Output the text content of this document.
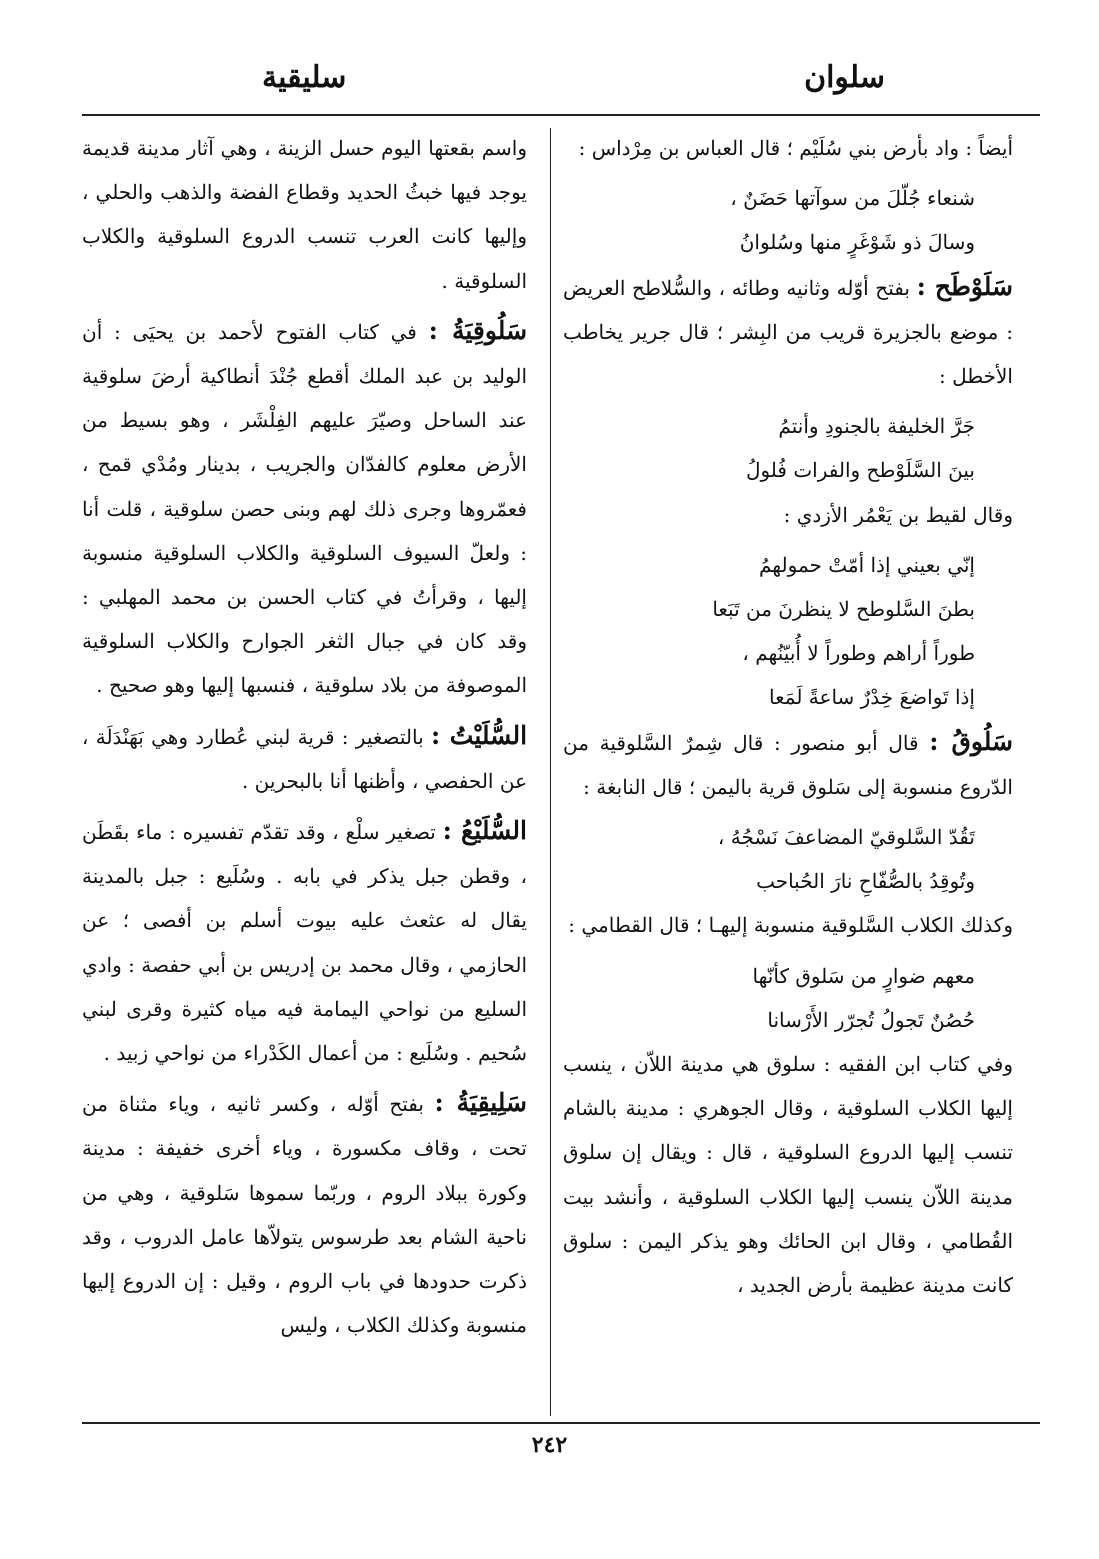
سلوان
سليقية

أيضاً : واد بأرض بني سُلَيْم ؛ قال العباس بن مِرْداس :

شنعاء جُلّلَ من سوآتها حَضَنٌ ،

وسالَ ذو شَوْغَرٍ منها وسُلوانُ

سَلَوْطَح : بفتح أوّله وثانيه وطائه ، والسُّلاطح العريض : موضع بالجزيرة قريب من البِشر ؛ قال جرير يخاطب الأخطل :

جَرَّ الخليفة بالجنودِ وأنتمُ

بينَ السَّلَوْطح والفرات فُلولُ

وقال لقيط بن يَعْمُر الأزدي :

إنّي بعيني إذا أمّتْ حمولهمُ

بطنَ السَّلوطح لا ينظرنَ من تَبَعا

طوراً أراهم وطوراً لا أُبيّنُهم ،

إذا تَواضعَ خِدْرٌ ساعةً لَمَعا

سَلُوقُ : قال أبو منصور : قال شِمرٌ السَّلوقية من الدّروع منسوبة إلى سَلوق قرية باليمن ؛ قال النابغة :

تَقُدّ السَّلوقيّ المضاعفَ نَسْجُهُ ،

وتُوقِدُ بالصُّفّاحِ نارَ الحُباحب

وكذلك الكلاب السَّلوقية منسوبة إليهـا ؛ قال القطامي :

معهم ضوارٍ من سَلوق كأنّها

حُصُنٌ تَجولُ تُجرّر الأَرْسانا

وفي كتاب ابن الفقيه : سلوق هي مدينة اللاّن ، ينسب إليها الكلاب السلوقية ، وقال الجوهري : مدينة بالشام تنسب إليها الدروع السلوقية ، قال : ويقال إن سلوق مدينة اللاّن ينسب إليها الكلاب السلوقية ، وأنشد بيت القُطامي ، وقال ابن الحائك وهو يذكر اليمن : سلوق كانت مدينة عظيمة بأرض الجديد ،

واسم بقعتها اليوم حسل الزينة ، وهي آثار مدينة قديمة يوجد فيها خبثُ الحديد وقطاع الفضة والذهب والحلي ، وإليها كانت العرب تنسب الدروع السلوقية والكلاب السلوقية .

سَلُوقِيَةُ : في كتاب الفتوح لأحمد بن يحيَى : أن الوليد بن عبد الملك أقطع جُنْدَ أنطاكية أرضَ سلوقية عند الساحل وصيّرَ عليهم الفِلْشَر ، وهو بسيط من الأرض معلوم كالفدّان والجريب ، بدينار ومُدْي قمح ، فعمّروها وجرى ذلك لهم وبنى حصن سلوقية ، قلت أنا : ولعلّ السيوف السلوقية والكلاب السلوقية منسوبة إليها ، وقرأتُ في كتاب الحسن بن محمد المهلبي : وقد كان في جبال الثغر الجوارح والكلاب السلوقية الموصوفة من بلاد سلوقية ، فنسبها إليها وهو صحيح .

السُّلَيْتُ : بالتصغير : قرية لبني عُطارد وهي بَهَنْدَلَة ، عن الحفصي ، وأظنها أنا بالبحرين .

السُّلَيْعُ : تصغير سلْع ، وقد تقدّم تفسيره : ماء بقَطَن ، وقطن جبل يذكر في بابه . وسُلَيع : جبل بالمدينة يقال له عثعث عليه بيوت أسلم بن أفصى ؛ عن الحازمي ، وقال محمد بن إدريس بن أبي حفصة : وادي السليع من نواحي اليمامة فيه مياه كثيرة وقرى لبني سُحيم . وسُلَيع : من أعمال الكَدْراء من نواحي زبيد .

سَلِيقِيَةُ : بفتح أوّله ، وكسر ثانيه ، وياء مثناة من تحت ، وقاف مكسورة ، وياء أخرى خفيفة : مدينة وكورة ببلاد الروم ، وربّما سموها سَلوقية ، وهي من ناحية الشام بعد طرسوس يتولاّها عامل الدروب ، وقد ذكرت حدودها في باب الروم ، وقيل : إن الدروع إليها منسوبة وكذلك الكلاب ، وليس

٢٤٢
